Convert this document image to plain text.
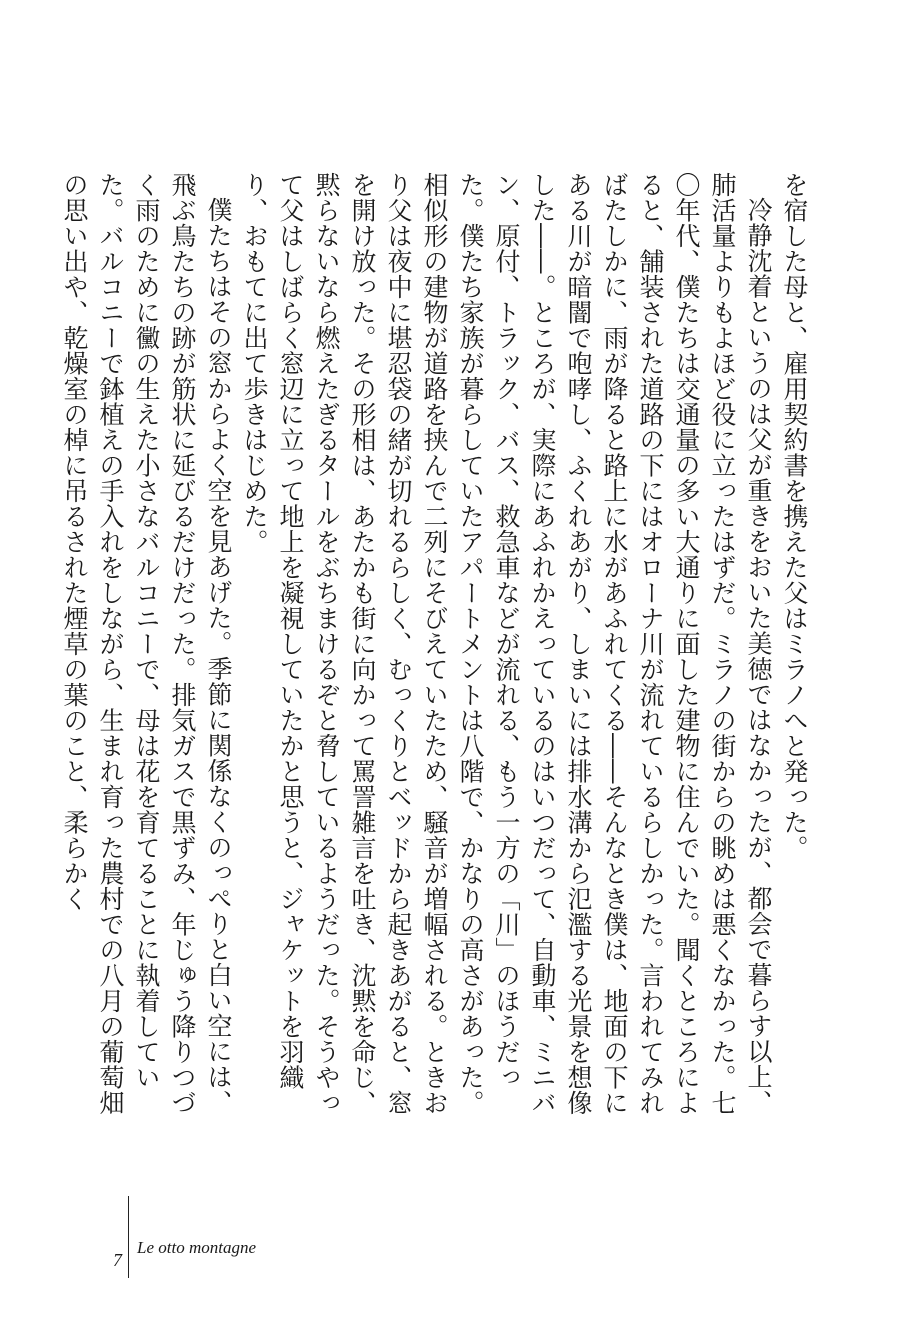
を宿した母と、雇用契約書を携えた父はミラノへと発った。

冷静沈着というのは父が重きをおいた美徳ではなかったが、都会で暮らす以上、肺活量よりもよほど役に立ったはずだ。ミラノの街からの眺めは悪くなかった。七〇年代、僕たちは交通量の多い大通りに面した建物に住んでいた。聞くところによると、舗装された道路の下にはオローナ川が流れているらしかった。言われてみればたしかに、雨が降ると路上に水があふれてくる――そんなとき僕は、地面の下にある川が暗闇で咆哮し、ふくれあがり、しまいには排水溝から氾濫する光景を想像した――。ところが、実際にあふれかえっているのはいつだって、自動車、ミニバン、原付、トラック、バス、救急車などが流れる、もう一方の「川」のほうだった。僕たち家族が暮らしていたアパートメントは八階で、かなりの高さがあった。相似形の建物が道路を挟んで二列にそびえていたため、騒音が増幅される。ときおり父は夜中に堪忍袋の緒が切れるらしく、むっくりとベッドから起きあがると、窓を開け放った。その形相は、あたかも街に向かって罵詈雑言を吐き、沈黙を命じ、黙らないなら燃えたぎるタールをぶちまけるぞと脅しているようだった。そうやって父はしばらく窓辺に立って地上を凝視していたかと思うと、ジャケットを羽織り、おもてに出て歩きはじめた。

僕たちはその窓からよく空を見あげた。季節に関係なくのっぺりと白い空には、飛ぶ鳥たちの跡が筋状に延びるだけだった。排気ガスで黒ずみ、年じゅう降りつづく雨のために黴の生えた小さなバルコニーで、母は花を育てることに執着していた。バルコニーで鉢植えの手入れをしながら、生まれ育った農村での八月の葡萄畑の思い出や、乾燥室の棹に吊るされた煙草の葉のこと、柔らかく

7
Le otto montagne
